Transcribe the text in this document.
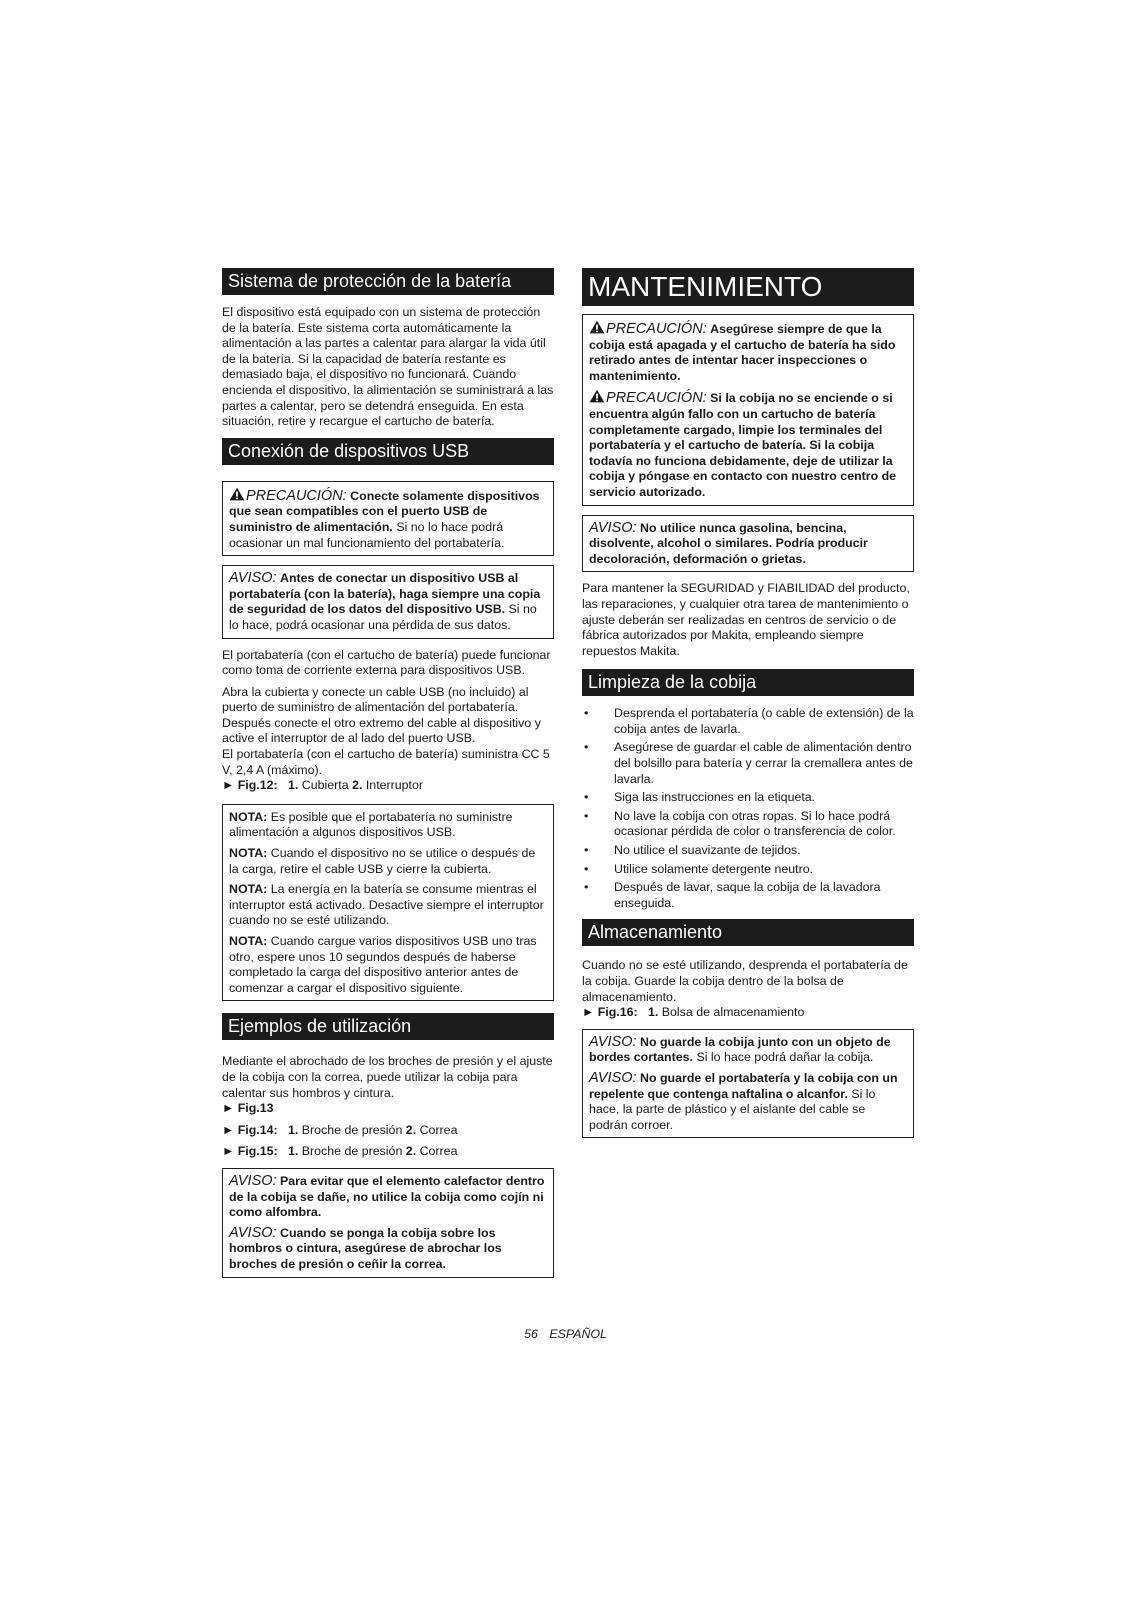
Sistema de protección de la batería

El dispositivo está equipado con un sistema de protección de la batería. Este sistema corta automáticamente la alimentación a las partes a calentar para alargar la vida útil de la batería. Si la capacidad de batería restante es demasiado baja, el dispositivo no funcionará. Cuando encienda el dispositivo, la alimentación se suministrará a las partes a calentar, pero se detendrá enseguida. En esta situación, retire y recargue el cartucho de batería.

Conexión de dispositivos USB

PRECAUCIÓN: Conecte solamente dispositivos que sean compatibles con el puerto USB de suministro de alimentación. Si no lo hace podrá ocasionar un mal funcionamiento del portabatería.

AVISO: Antes de conectar un dispositivo USB al portabatería (con la batería), haga siempre una copia de seguridad de los datos del dispositivo USB. Si no lo hace, podrá ocasionar una pérdida de sus datos.

El portabatería (con el cartucho de batería) puede funcionar como toma de corriente externa para dispositivos USB.

Abra la cubierta y conecte un cable USB (no incluido) al puerto de suministro de alimentación del portabatería. Después conecte el otro extremo del cable al dispositivo y active el interruptor de al lado del puerto USB.

El portabatería (con el cartucho de batería) suministra CC 5 V, 2,4 A (máximo).

► Fig.12: 1. Cubierta 2. Interruptor

NOTA: Es posible que el portabatería no suministre alimentación a algunos dispositivos USB.

NOTA: Cuando el dispositivo no se utilice o después de la carga, retire el cable USB y cierre la cubierta.

NOTA: La energía en la batería se consume mientras el interruptor está activado. Desactive siempre el interruptor cuando no se esté utilizando.

NOTA: Cuando cargue varios dispositivos USB uno tras otro, espere unos 10 segundos después de haberse completado la carga del dispositivo anterior antes de comenzar a cargar el dispositivo siguiente.

Ejemplos de utilización

Mediante el abrochado de los broches de presión y el ajuste de la cobija con la correa, puede utilizar la cobija para calentar sus hombros y cintura.

► Fig.13
► Fig.14: 1. Broche de presión 2. Correa
► Fig.15: 1. Broche de presión 2. Correa

AVISO: Para evitar que el elemento calefactor dentro de la cobija se dañe, no utilice la cobija como cojín ni como alfombra.

AVISO: Cuando se ponga la cobija sobre los hombros o cintura, asegúrese de abrochar los broches de presión o ceñir la correa.

MANTENIMIENTO

PRECAUCIÓN: Asegúrese siempre de que la cobija está apagada y el cartucho de batería ha sido retirado antes de intentar hacer inspecciones o mantenimiento.

PRECAUCIÓN: Si la cobija no se enciende o si encuentra algún fallo con un cartucho de batería completamente cargado, limpie los terminales del portabatería y el cartucho de batería. Si la cobija todavía no funciona debidamente, deje de utilizar la cobija y póngase en contacto con nuestro centro de servicio autorizado.

AVISO: No utilice nunca gasolina, bencina, disolvente, alcohol o similares. Podría producir decoloración, deformación o grietas.

Para mantener la SEGURIDAD y FIABILIDAD del producto, las reparaciones, y cualquier otra tarea de mantenimiento o ajuste deberán ser realizadas en centros de servicio o de fábrica autorizados por Makita, empleando siempre repuestos Makita.

Limpieza de la cobija
• Desprenda el portabatería (o cable de extensión) de la cobija antes de lavarla.
• Asegúrese de guardar el cable de alimentación dentro del bolsillo para batería y cerrar la cremallera antes de lavarla.
• Siga las instrucciones en la etiqueta.
• No lave la cobija con otras ropas. Si lo hace podrá ocasionar pérdida de color o transferencia de color.
• No utilice el suavizante de tejidos.
• Utilice solamente detergente neutro.
• Después de lavar, saque la cobija de la lavadora enseguida.
Almacenamiento

Cuando no se esté utilizando, desprenda el portabatería de la cobija. Guarde la cobija dentro de la bolsa de almacenamiento.

► Fig.16: 1. Bolsa de almacenamiento

AVISO: No guarde la cobija junto con un objeto de bordes cortantes. Si lo hace podrá dañar la cobija.

AVISO: No guarde el portabatería y la cobija con un repelente que contenga naftalina o alcanfor. Si lo hace, la parte de plástico y el aislante del cable se podrán corroer.

56 ESPAÑOL
